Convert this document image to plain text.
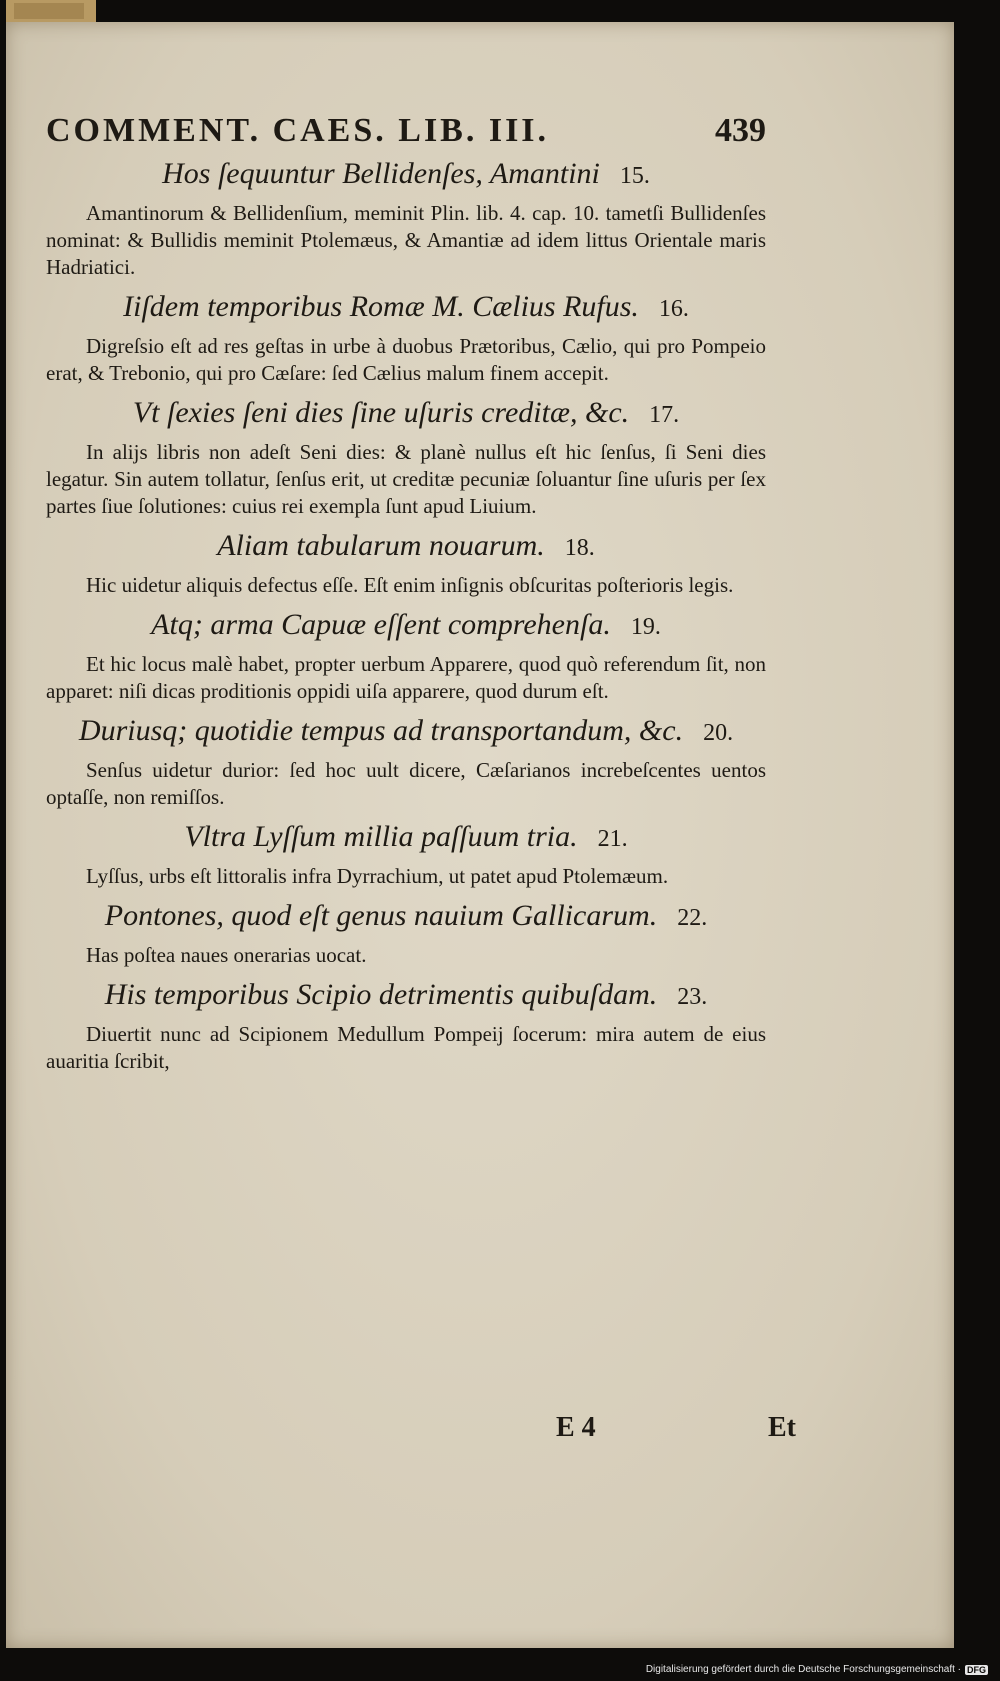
COMMENT. CAES. LIB. III.	439
Hos ſequuntur Bellidenſes, Amantini 15.
Amantinorum & Bellidenſium, meminit Plin. lib. 4. cap. 10. tametſi Bullidenſes nominat: & Bullidis meminit Ptolemæus, & Amantiæ ad idem littus Orientale maris Hadriatici.
Iiſdem temporibus Romæ M. Cælius Rufus. 16.
Digreſsio eſt ad res geſtas in urbe à duobus Prætoribus, Cælio, qui pro Pompeio erat, & Trebonio, qui pro Cæſare: ſed Cælius malum finem accepit.
Vt ſexies ſeni dies ſine uſuris creditæ, &c. 17.
In alijs libris non adeſt Seni dies: & planè nullus eſt hic ſenſus, ſi Seni dies legatur. Sin autem tollatur, ſenſus erit, ut creditæ pecuniæ ſoluantur ſine uſuris per ſex partes ſiue ſolutiones: cuius rei exempla ſunt apud Liuium.
Aliam tabularum nouarum. 18.
Hic uidetur aliquis defectus eſſe. Eſt enim inſignis obſcuritas poſterioris legis.
Atq; arma Capuæ eſſent comprehenſa. 19.
Et hic locus malè habet, propter uerbum Apparere, quod quò referendum ſit, non apparet: niſi dicas proditionis oppidi uiſa apparere, quod durum eſt.
Duriusq; quotidie tempus ad transportandum, &c. 20.
Senſus uidetur durior: ſed hoc uult dicere, Cæſarianos increbeſcentes uentos optaſſe, non remiſſos.
Vltra Lyſſum millia paſſuum tria. 21.
Lyſſus, urbs eſt littoralis infra Dyrrachium, ut patet apud Ptolemæum.
Pontones, quod eſt genus nauium Gallicarum. 22.
Has poſtea naues onerarias uocat.
His temporibus Scipio detrimentis quibuſdam. 23.
Diuertit nunc ad Scipionem Medullum Pompeij ſocerum: mira autem de eius auaritia ſcribit,
E 4	Et
Digitalisierung gefördert durch die Deutsche Forschungsgemeinschaft · DFG
